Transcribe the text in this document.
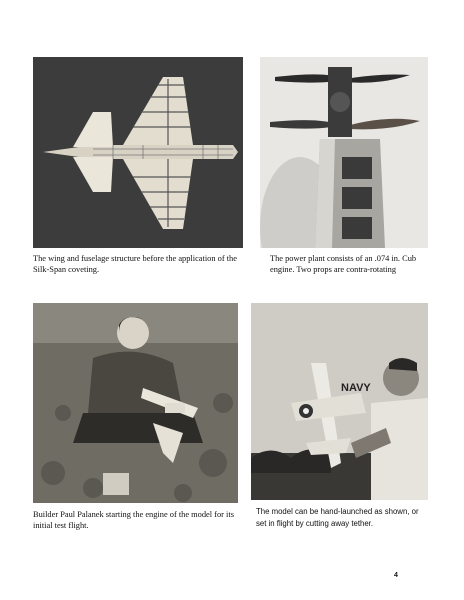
The wing and fuselage structure before the application of the Silk-Span coveting.
The power plant consists of an .074 in. Cub engine. Two props are contra-rotating
Builder Paul Palanek starting the engine of the model for its initial test flight.
NAVY
The model can be hand-launched as shown, or set in flight by cutting away tether.
4
